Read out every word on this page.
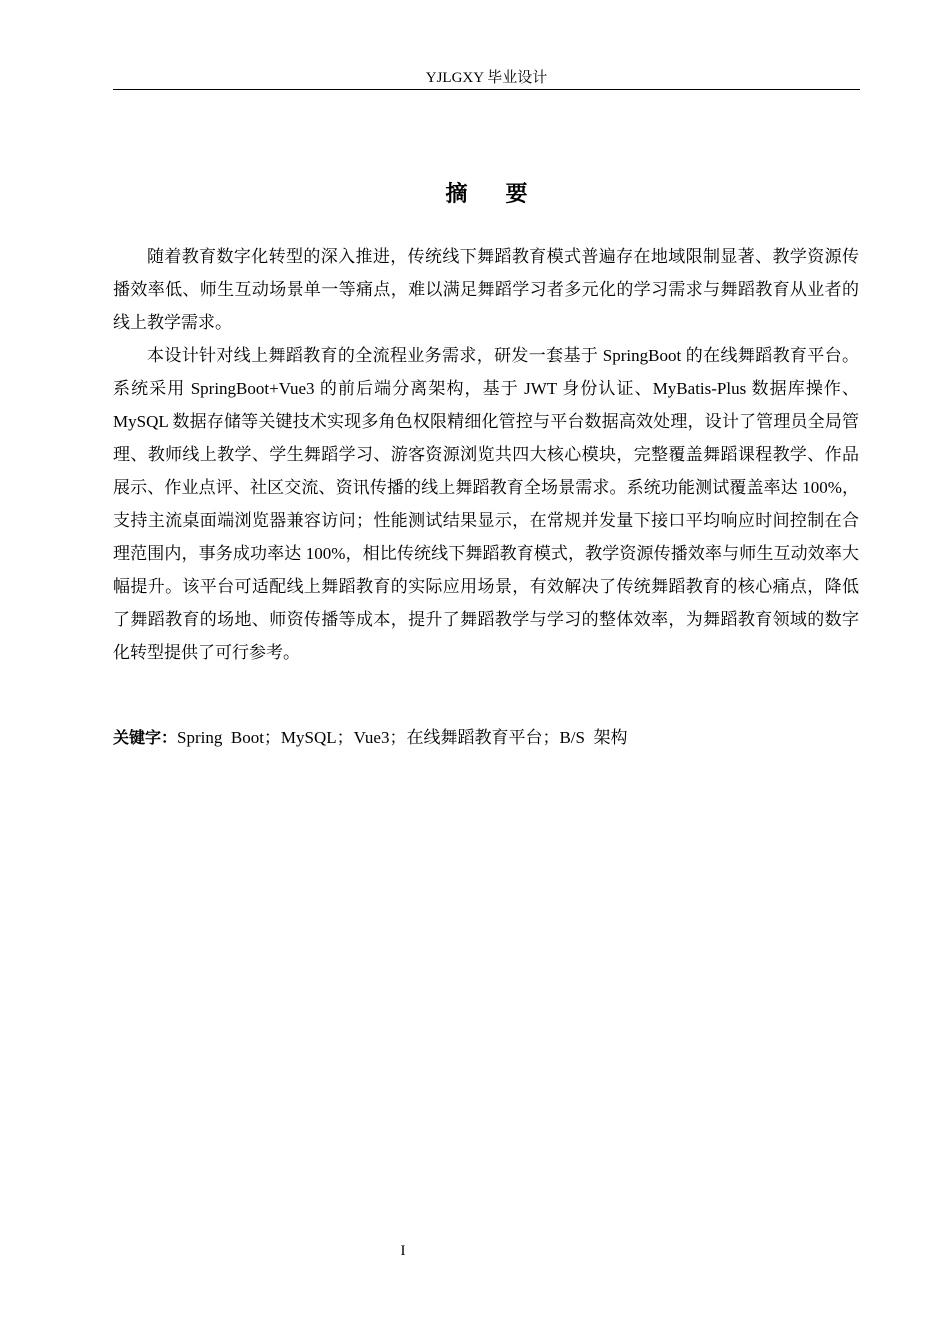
YJLGXY 毕业设计
摘要

随着教育数字化转型的深入推进，传统线下舞蹈教育模式普遍存在地域限制显著、教学资源传播效率低、师生互动场景单一等痛点，难以满足舞蹈学习者多元化的学习需求与舞蹈教育从业者的线上教学需求。

本设计针对线上舞蹈教育的全流程业务需求，研发一套基于 SpringBoot 的在线舞蹈教育平台。系统采用 SpringBoot+Vue3 的前后端分离架构，基于 JWT 身份认证、MyBatis-Plus 数据库操作、MySQL 数据存储等关键技术实现多角色权限精细化管控与平台数据高效处理，设计了管理员全局管理、教师线上教学、学生舞蹈学习、游客资源浏览共四大核心模块，完整覆盖舞蹈课程教学、作品展示、作业点评、社区交流、资讯传播的线上舞蹈教育全场景需求。系统功能测试覆盖率达 100%，支持主流桌面端浏览器兼容访问；性能测试结果显示，在常规并发量下接口平均响应时间控制在合理范围内，事务成功率达 100%，相比传统线下舞蹈教育模式，教学资源传播效率与师生互动效率大幅提升。该平台可适配线上舞蹈教育的实际应用场景，有效解决了传统舞蹈教育的核心痛点，降低了舞蹈教育的场地、师资传播等成本，提升了舞蹈教学与学习的整体效率，为舞蹈教育领域的数字化转型提供了可行参考。

关键字：Spring  Boot；MySQL；Vue3；在线舞蹈教育平台；B/S  架构
I
